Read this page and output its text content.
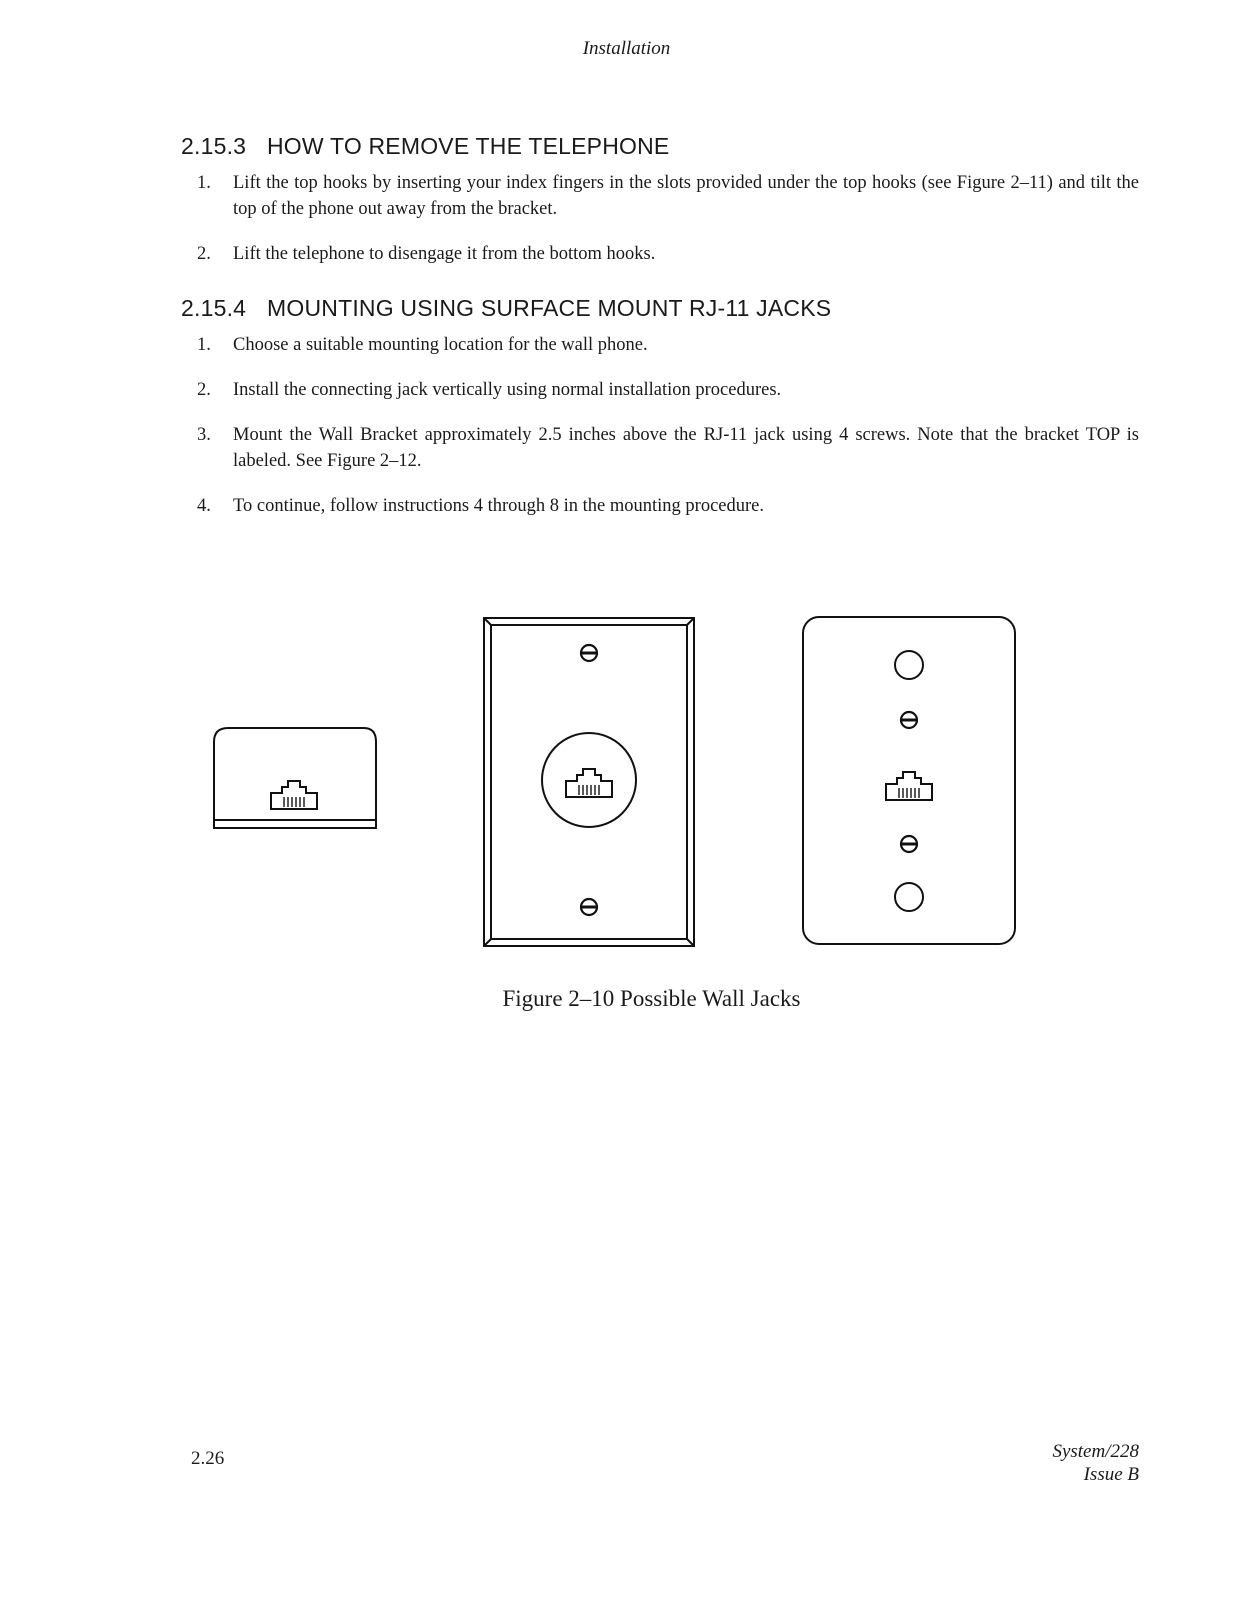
Installation
2.15.3 HOW TO REMOVE THE TELEPHONE
1.	Lift the top hooks by inserting your index fingers in the slots provided under the top hooks (see Figure 2–11) and tilt the top of the phone out away from the bracket.
2.	Lift the telephone to disengage it from the bottom hooks.
2.15.4 MOUNTING USING SURFACE MOUNT RJ-11 JACKS
1.	Choose a suitable mounting location for the wall phone.
2.	Install the connecting jack vertically using normal installation procedures.
3.	Mount the Wall Bracket approximately 2.5 inches above the RJ-11 jack using 4 screws. Note that the bracket TOP is labeled. See Figure 2–12.
4.	To continue, follow instructions 4 through 8 in the mounting procedure.
Figure 2–10 Possible Wall Jacks
2.26	System/228
Issue B
